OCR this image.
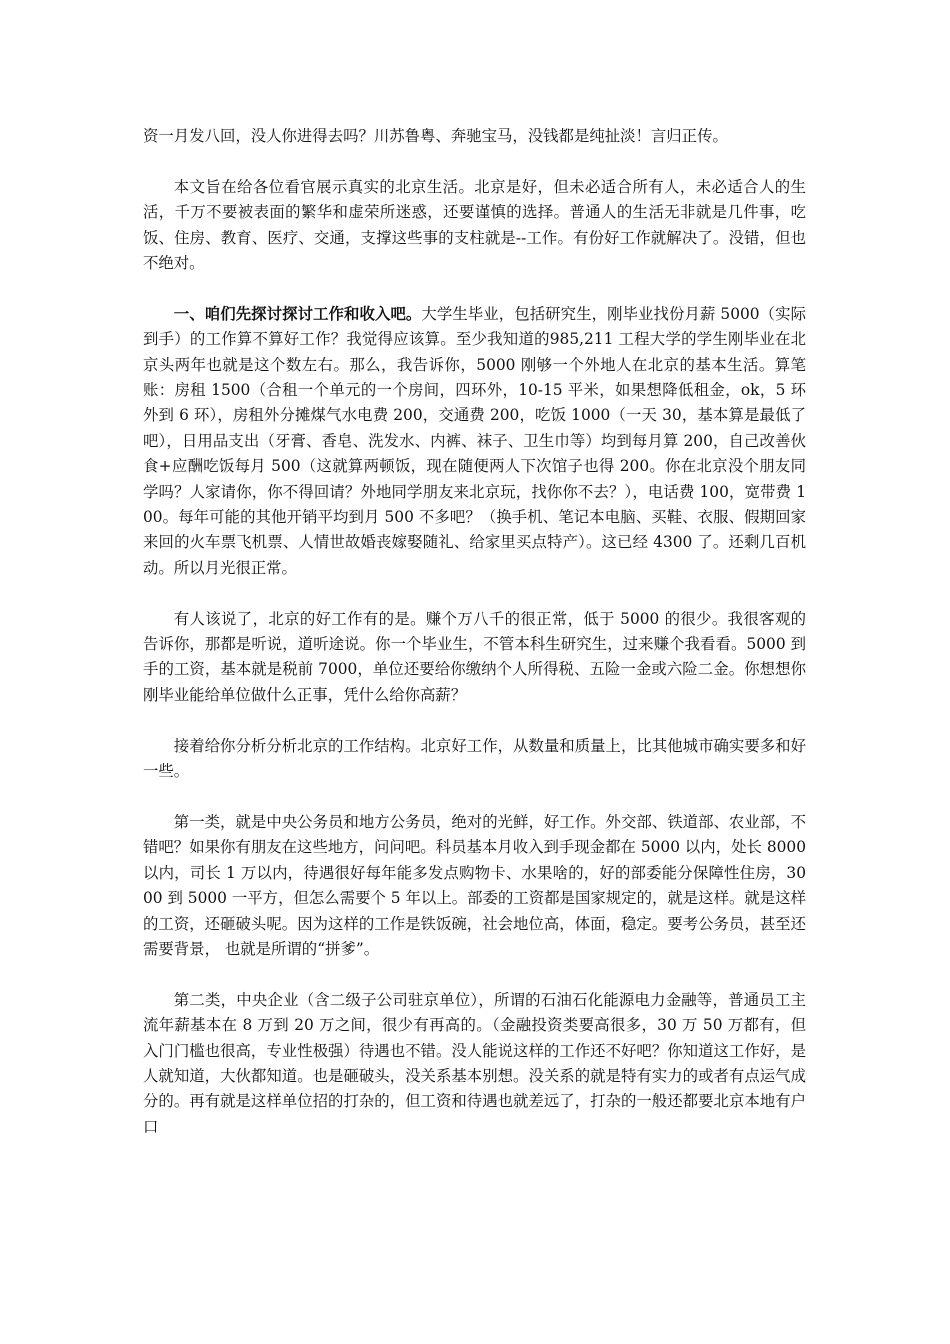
资一月发八回，没人你进得去吗？川苏鲁粤、奔驰宝马，没钱都是纯扯淡！言归正传。

本文旨在给各位看官展示真实的北京生活。北京是好，但未必适合所有人，未必适合人的生活，千万不要被表面的繁华和虚荣所迷惑，还要谨慎的选择。普通人的生活无非就是几件事，吃饭、住房、教育、医疗、交通，支撑这些事的支柱就是--工作。有份好工作就解决了。没错，但也不绝对。

一、咱们先探讨探讨工作和收入吧。大学生毕业，包括研究生，刚毕业找份月薪 5000（实际到手）的工作算不算好工作？我觉得应该算。至少我知道的985,211 工程大学的学生刚毕业在北京头两年也就是这个数左右。那么，我告诉你，5000 刚够一个外地人在北京的基本生活。算笔账：房租 1500（合租一个单元的一个房间，四环外，10-15 平米，如果想降低租金，ok，5 环外到 6 环），房租外分摊煤气水电费 200，交通费 200，吃饭 1000（一天 30，基本算是最低了吧），日用品支出（牙膏、香皂、洗发水、内裤、袜子、卫生巾等）均到每月算 200，自己改善伙食+应酬吃饭每月 500（这就算两顿饭，现在随便两人下次馆子也得 200。你在北京没个朋友同学吗？人家请你，你不得回请？外地同学朋友来北京玩，找你你不去？），电话费 100，宽带费 100。每年可能的其他开销平均到月 500 不多吧？（换手机、笔记本电脑、买鞋、衣服、假期回家来回的火车票飞机票、人情世故婚丧嫁娶随礼、给家里买点特产）。这已经 4300 了。还剩几百机动。所以月光很正常。

有人该说了，北京的好工作有的是。赚个万八千的很正常，低于 5000 的很少。我很客观的告诉你，那都是听说，道听途说。你一个毕业生，不管本科生研究生，过来赚个我看看。5000 到手的工资，基本就是税前 7000，单位还要给你缴纳个人所得税、五险一金或六险二金。你想想你刚毕业能给单位做什么正事，凭什么给你高薪？

接着给你分析分析北京的工作结构。北京好工作，从数量和质量上，比其他城市确实要多和好一些。

第一类，就是中央公务员和地方公务员，绝对的光鲜，好工作。外交部、铁道部、农业部，不错吧？如果你有朋友在这些地方，问问吧。科员基本月收入到手现金都在 5000 以内，处长 8000 以内，司长 1 万以内，待遇很好每年能多发点购物卡、水果啥的，好的部委能分保障性住房，3000 到 5000 一平方，但怎么需要个 5 年以上。部委的工资都是国家规定的，就是这样。就是这样的工资，还砸破头呢。因为这样的工作是铁饭碗，社会地位高，体面，稳定。要考公务员，甚至还需要背景， 也就是所谓的“拼爹”。

第二类，中央企业（含二级子公司驻京单位），所谓的石油石化能源电力金融等，普通员工主流年薪基本在 8 万到 20 万之间，很少有再高的。（金融投资类要高很多，30 万 50 万都有，但入门门槛也很高，专业性极强）待遇也不错。没人能说这样的工作还不好吧？你知道这工作好，是人就知道，大伙都知道。也是砸破头，没关系基本别想。没关系的就是特有实力的或者有点运气成分的。再有就是这样单位招的打杂的，但工资和待遇也就差远了，打杂的一般还都要北京本地有户口
